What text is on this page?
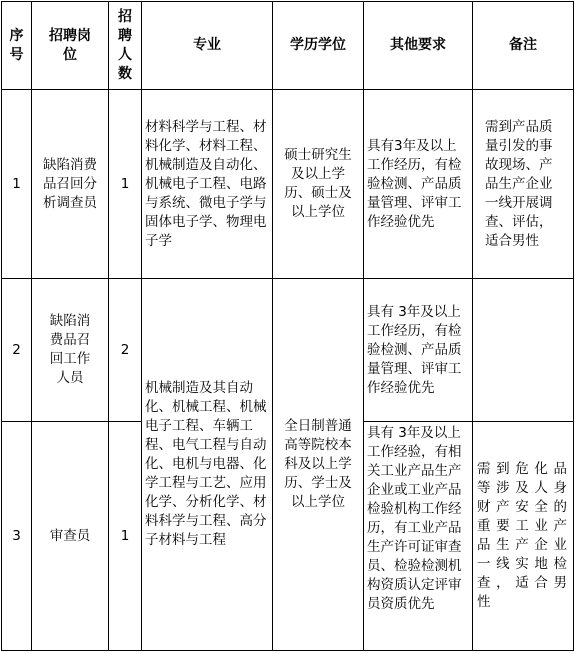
序号	招聘岗位	招聘人数	专业	学历学位	其他要求	备注
1	缺陷消费品召回分析调查员	1	材料科学与工程、材料化学、材料工程、机械制造及自动化、机械电子工程、电路与系统、微电子学与固体电子学、物理电子学	硕士研究生及以上学历、硕士及以上学位	具有3年及以上工作经历，有检验检测、产品质量管理、评审工作经验优先	需到产品质量引发的事故现场、产品生产企业一线开展调查、评估，适合男性
2	缺陷消费品召回工作人员	2	机械制造及其自动化、机械工程、机械电子工程、车辆工程、电气工程与自动化、电机与电器、化学工程与工艺、应用化学、分析化学、材料科学与工程、高分子材料与工程	全日制普通高等院校本科及以上学历、学士及以上学位	具有 3年及以上工作经历，有检验检测、产品质量管理、评审工作经验优先	
3	审查员	1			具有 3年及以上工作经验，有相关工业产品生产企业或工业产品检验机构工作经历，有工业产品生产许可证审查员、检验检测机构资质认定评审员资质优先	需到危化品等涉及人身财产安全的重要工业产品生产企业一线实地检查，适合男性
